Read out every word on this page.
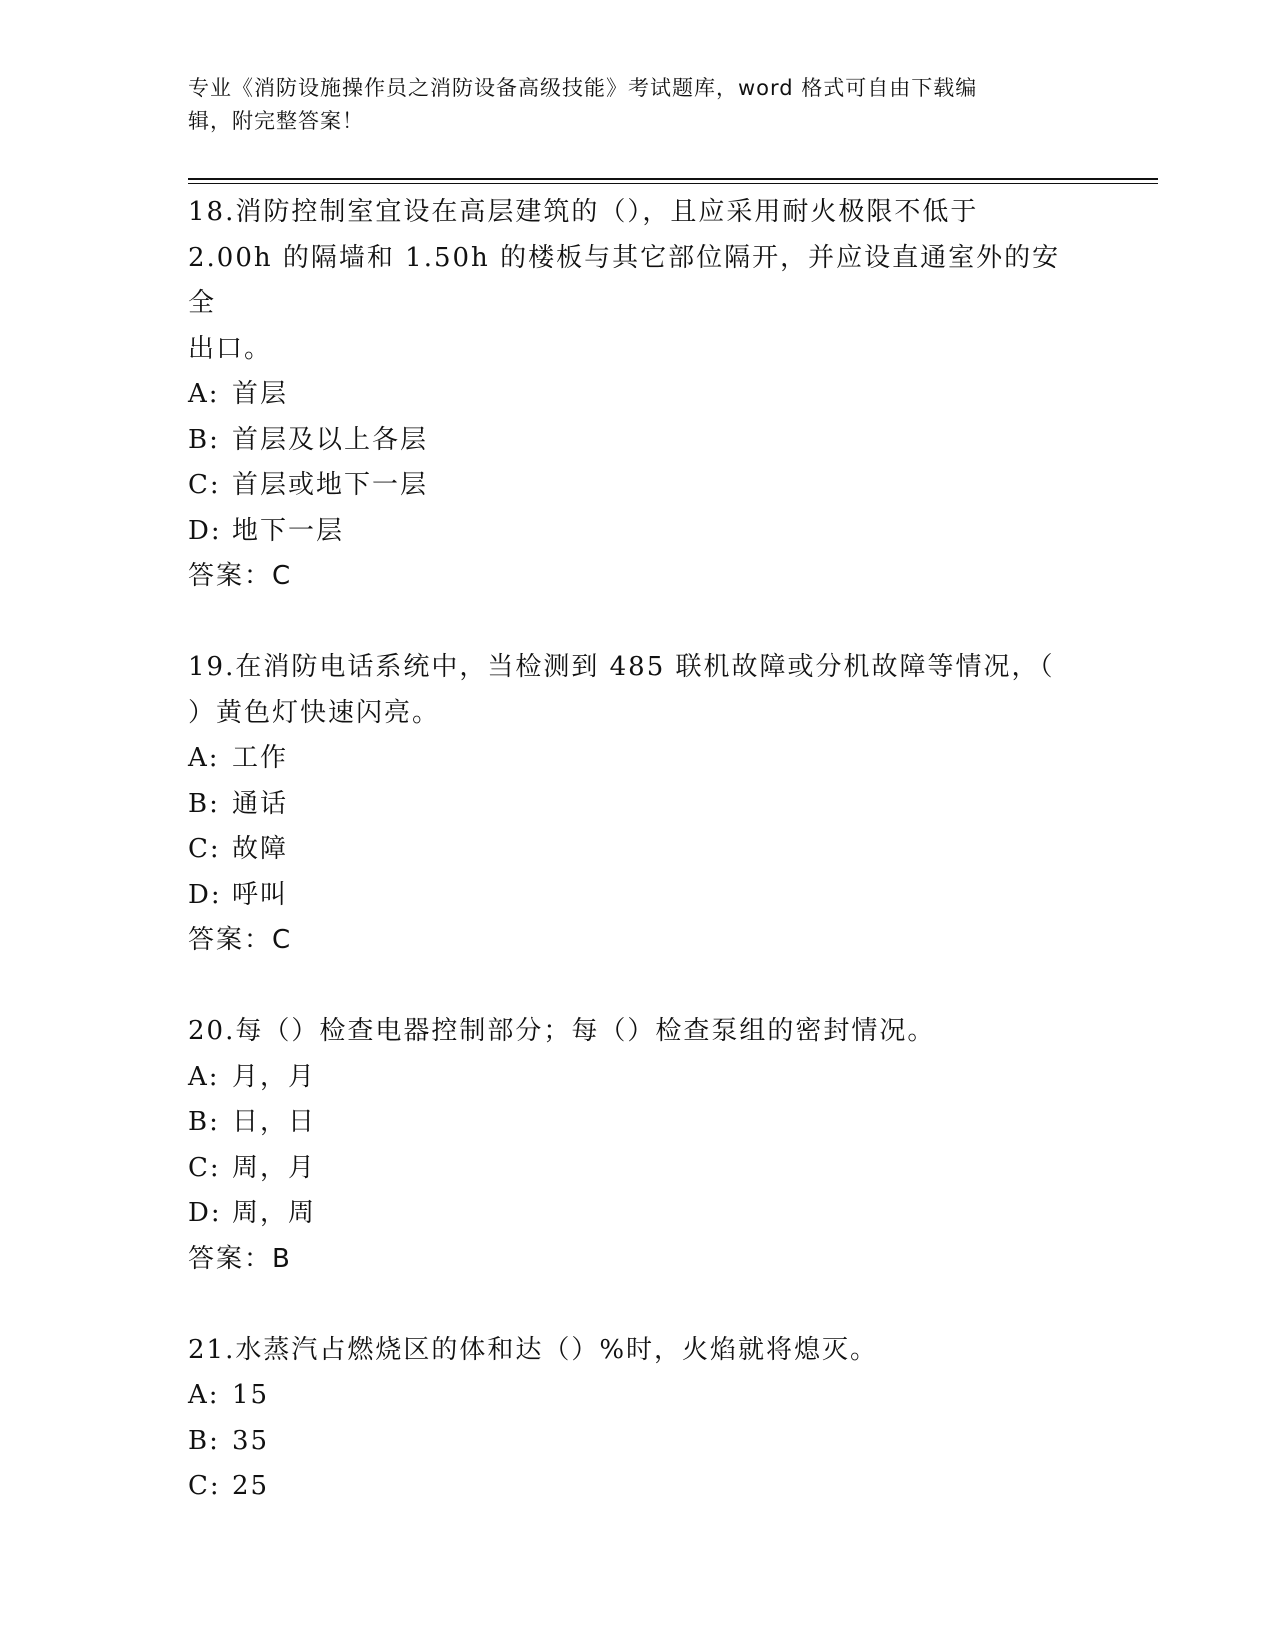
专业《消防设施操作员之消防设备高级技能》考试题库，word 格式可自由下载编
辑，附完整答案！

18.消防控制室宜设在高层建筑的（），且应采用耐火极限不低于

2.00h 的隔墙和 1.50h 的楼板与其它部位隔开，并应设直通室外的安全

出口。

A: 首层

B: 首层及以上各层

C: 首层或地下一层

D: 地下一层

答案：C

19.在消防电话系统中，当检测到 485 联机故障或分机故障等情况，（

）黄色灯快速闪亮。

A: 工作

B: 通话

C: 故障

D: 呼叫

答案：C

20.每（）检查电器控制部分；每（）检查泵组的密封情况。

A: 月，月

B: 日，日

C: 周，月

D: 周，周

答案：B

21.水蒸汽占燃烧区的体和达（）%时，火焰就将熄灭。

A: 15

B: 35

C: 25
